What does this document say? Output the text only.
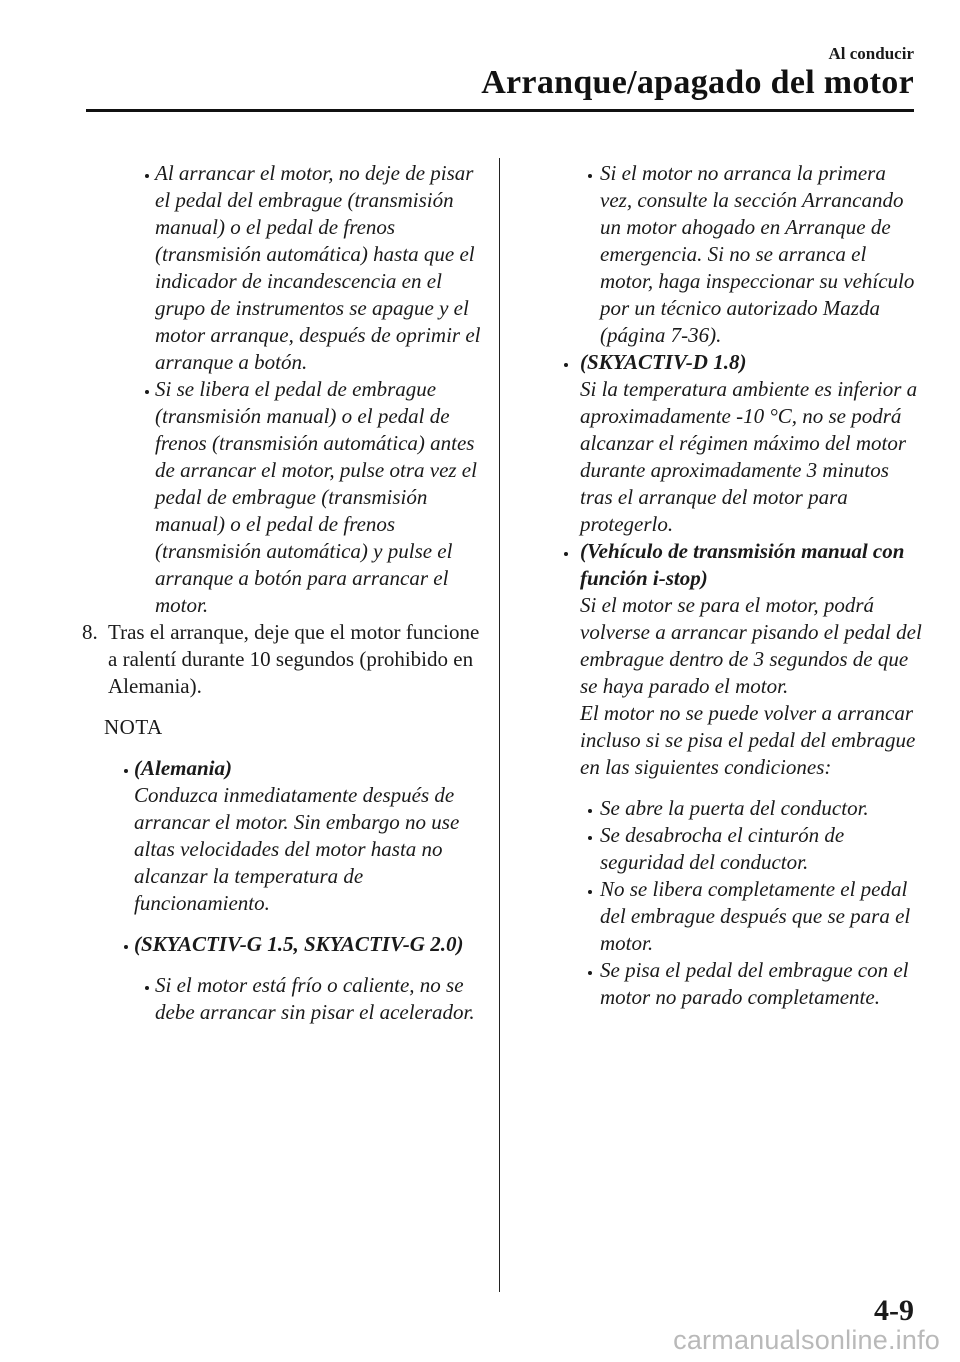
Al conducir
Arranque/apagado del motor

Al arrancar el motor, no deje de pisar el pedal del embrague (transmisión manual) o el pedal de frenos (transmisión automática) hasta que el indicador de incandescencia en el grupo de instrumentos se apague y el motor arranque, después de oprimir el arranque a botón.

Si se libera el pedal de embrague (transmisión manual) o el pedal de frenos (transmisión automática) antes de arrancar el motor, pulse otra vez el pedal de embrague (transmisión manual) o el pedal de frenos (transmisión automática) y pulse el arranque a botón para arrancar el motor.

8. Tras el arranque, deje que el motor funcione a ralentí durante 10 segundos (prohibido en Alemania).

NOTA

(Alemania)

Conduzca inmediatamente después de arrancar el motor. Sin embargo no use altas velocidades del motor hasta no alcanzar la temperatura de funcionamiento.

(SKYACTIV-G 1.5, SKYACTIV-G 2.0)

Si el motor está frío o caliente, no se debe arrancar sin pisar el acelerador.

Si el motor no arranca la primera vez, consulte la sección Arrancando un motor ahogado en Arranque de emergencia. Si no se arranca el motor, haga inspeccionar su vehículo por un técnico autorizado Mazda (página 7-36).

(SKYACTIV-D 1.8)

Si la temperatura ambiente es inferior a aproximadamente -10 °C, no se podrá alcanzar el régimen máximo del motor durante aproximadamente 3 minutos tras el arranque del motor para protegerlo.

(Vehículo de transmisión manual con función i-stop)

Si el motor se para el motor, podrá volverse a arrancar pisando el pedal del embrague dentro de 3 segundos de que se haya parado el motor.

El motor no se puede volver a arrancar incluso si se pisa el pedal del embrague en las siguientes condiciones:

Se abre la puerta del conductor.

Se desabrocha el cinturón de seguridad del conductor.

No se libera completamente el pedal del embrague después que se para el motor.

Se pisa el pedal del embrague con el motor no parado completamente.

4-9
carmanualsonline.info
